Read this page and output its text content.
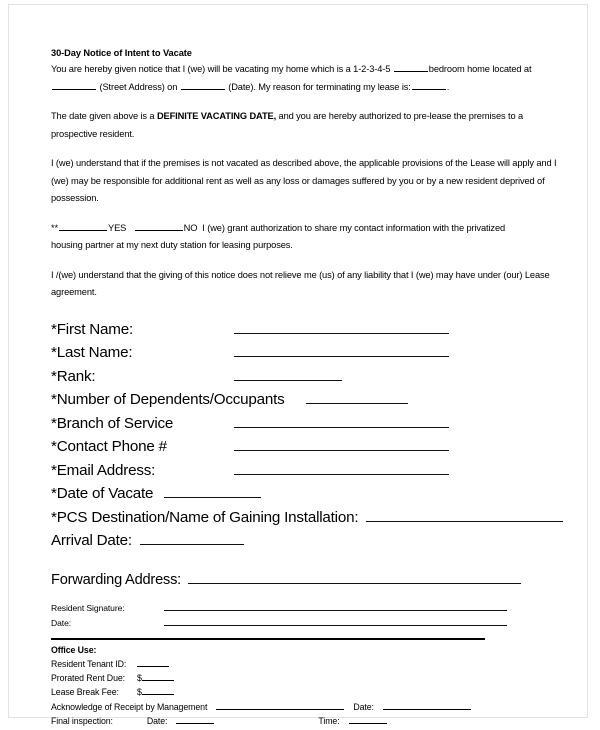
30-Day Notice of Intent to Vacate

You are hereby given notice that I (we) will be vacating my home which is a 1-2-3-4-5	bedroom home located at  (Street Address) on	(Date). My reason for terminating my lease is:	.

The date given above is a DEFINITE VACATING DATE, and you are hereby authorized to pre-lease the premises to a prospective resident.

I (we) understand that if the premises is not vacated as described above, the applicable provisions of the Lease will apply and I (we) may be responsible for additional rent as well as any loss or damages suffered by you or by a new resident deprived of possession.

**	YES	NO I (we) grant authorization to share my contact information with the privatized housing partner at my next duty station for leasing purposes.

I /(we) understand that the giving of this notice does not relieve me (us) of any liability that I (we) may have under (our) Lease agreement.

*First Name:
*Last Name:
*Rank:
*Number of Dependents/Occupants
*Branch of Service
*Contact Phone #
*Email Address:
*Date of Vacate
*PCS Destination/Name of Gaining Installation:
Arrival Date:
Forwarding Address:
Resident Signature:
Date:
Office Use:
Resident Tenant ID:
Prorated Rent Due:	$
Lease Break Fee:	$
Acknowledge of Receipt by Management	Date:
Final inspection:	Date:	Time:
